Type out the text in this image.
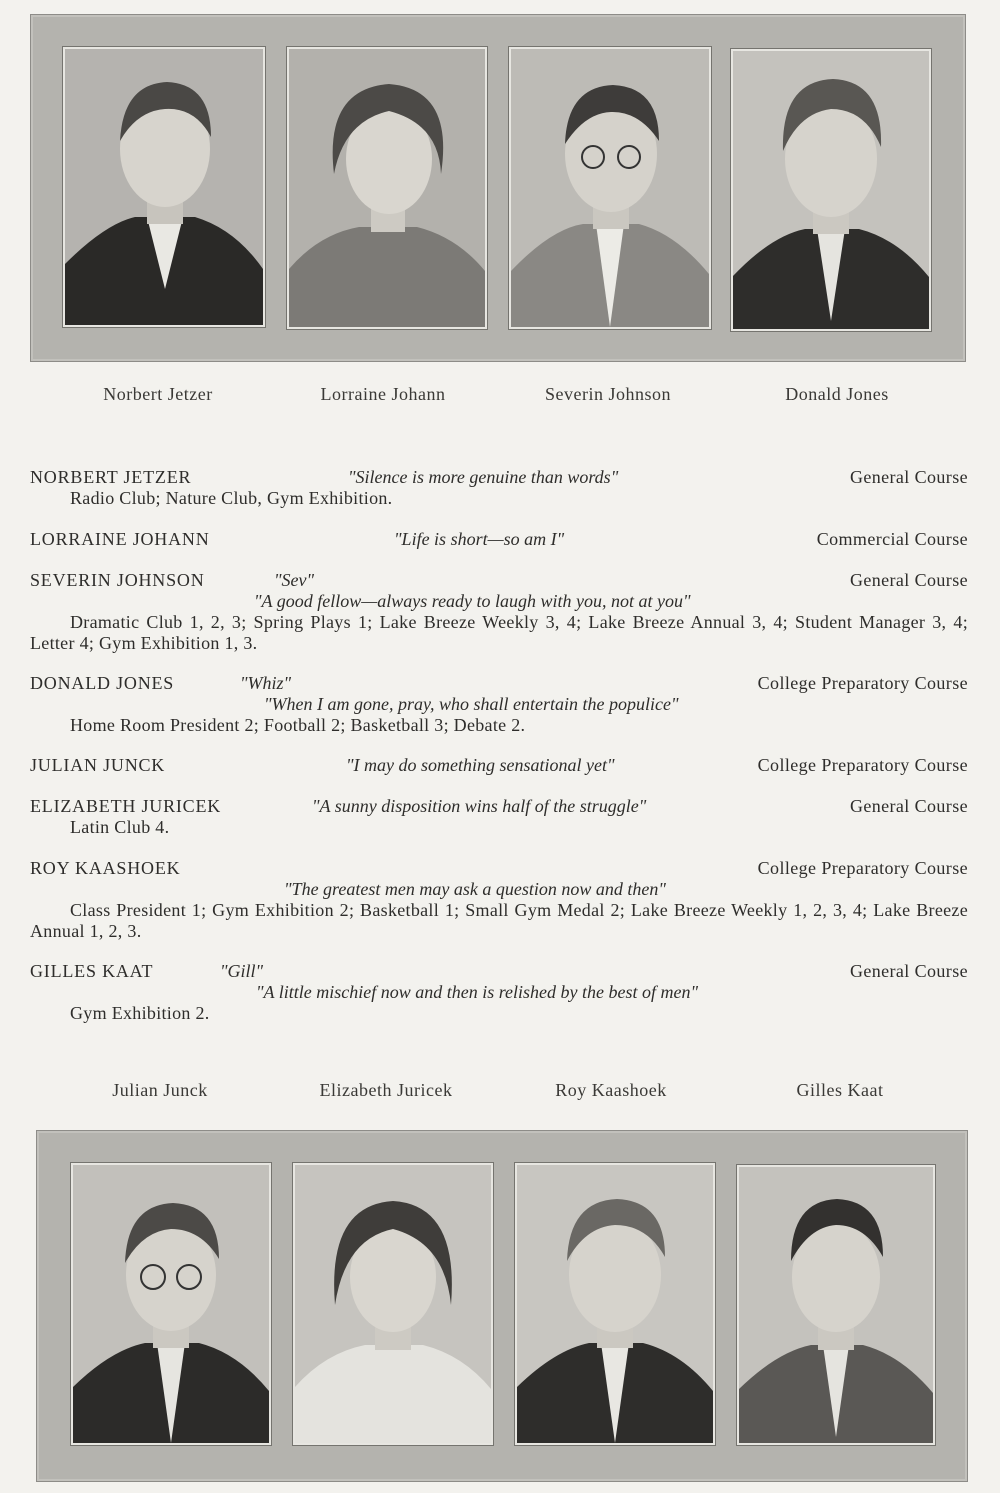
Norbert Jetzer	Lorraine Johann	Severin Johnson	Donald Jones
NORBERT JETZER	"Silence is more genuine than words"	General Course
Radio Club; Nature Club, Gym Exhibition.
LORRAINE JOHANN	"Life is short—so am I"	Commercial Course
SEVERIN JOHNSON	"Sev"	General Course
"A good fellow—always ready to laugh with you, not at you"
Dramatic Club 1, 2, 3; Spring Plays 1; Lake Breeze Weekly 3, 4; Lake Breeze Annual 3, 4; Student Manager 3, 4; Letter 4; Gym Exhibition 1, 3.
DONALD JONES	"Whiz"	College Preparatory Course
"When I am gone, pray, who shall entertain the populice"
Home Room President 2; Football 2; Basketball 3; Debate 2.
JULIAN JUNCK	"I may do something sensational yet"	College Preparatory Course
ELIZABETH JURICEK	"A sunny disposition wins half of the struggle"	General Course
Latin Club 4.
ROY KAASHOEK	College Preparatory Course
"The greatest men may ask a question now and then"
Class President 1; Gym Exhibition 2; Basketball 1; Small Gym Medal 2; Lake Breeze Weekly 1, 2, 3, 4; Lake Breeze Annual 1, 2, 3.
GILLES KAAT	"Gill"	General Course
"A little mischief now and then is relished by the best of men"
Gym Exhibition 2.
Julian Junck	Elizabeth Juricek	Roy Kaashoek	Gilles Kaat
